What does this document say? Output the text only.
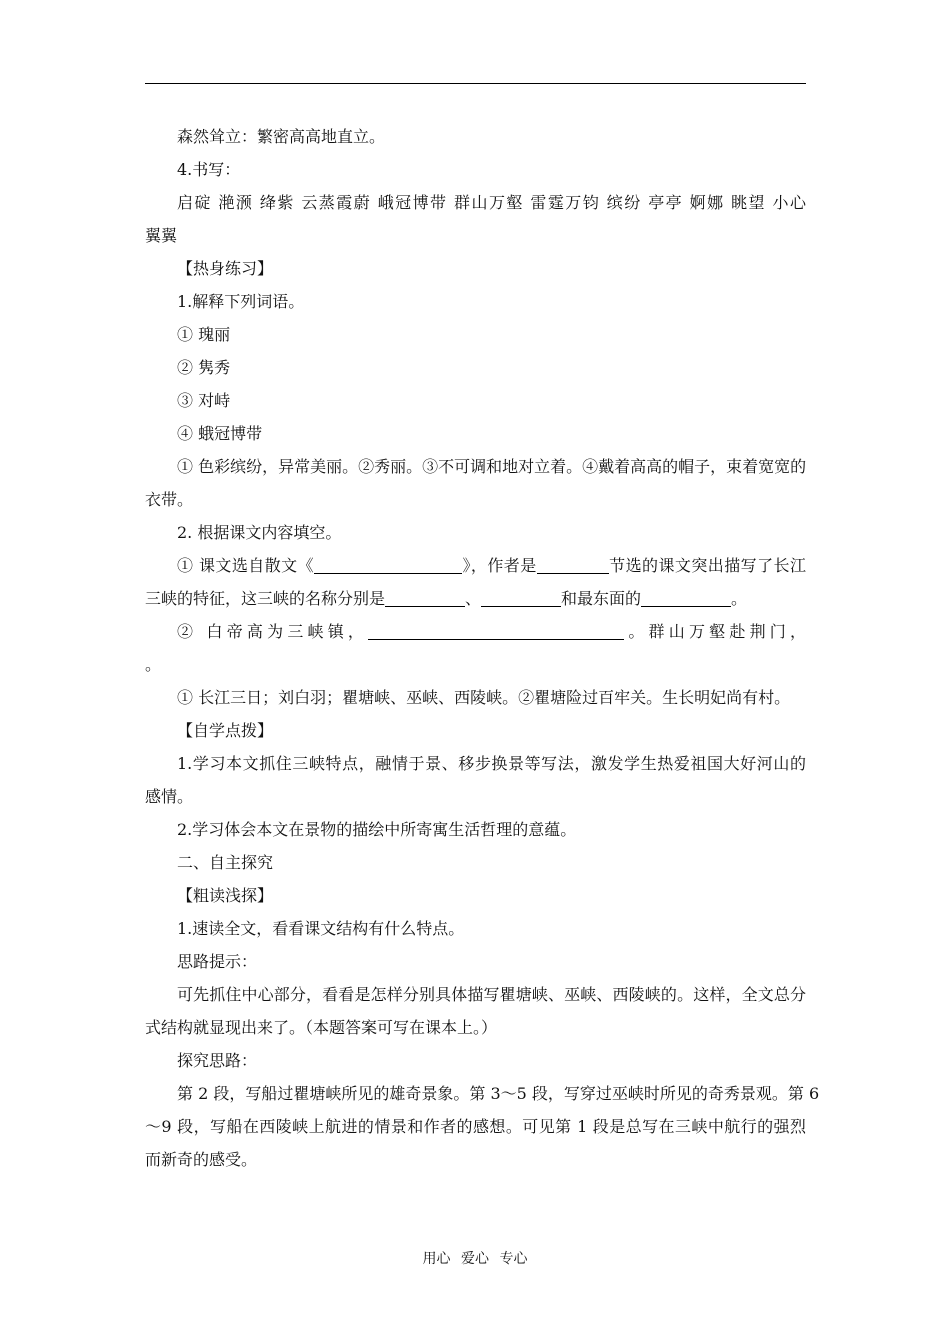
森然耸立：繁密高高地直立。
4.书写：
启碇 滟滪 绛紫 云蒸霞蔚 峨冠博带 群山万壑 雷霆万钧 缤纷 亭亭 婀娜 眺望 小心
翼翼
【热身练习】
1.解释下列词语。
① 瑰丽
② 隽秀
③ 对峙
④ 蛾冠博带
① 色彩缤纷，异常美丽。②秀丽。③不可调和地对立着。④戴着高高的帽子，束着宽宽的
衣带。
2. 根据课文内容填空。
① 课文选自散文《	》，作者是	节选的课文突出描写了长江
三峡的特征，这三峡的名称分别是	、	和最东面的	。
② 白帝高为三峡镇，	。群山万壑赴荆门，
。
① 长江三日；刘白羽；瞿塘峡、巫峡、西陵峡。②瞿塘险过百牢关。生长明妃尚有村。
【自学点拨】
1.学习本文抓住三峡特点，融情于景、移步换景等写法，激发学生热爱祖国大好河山的
感情。
2.学习体会本文在景物的描绘中所寄寓生活哲理的意蕴。
二、自主探究
【粗读浅探】
1.速读全文，看看课文结构有什么特点。
思路提示：
可先抓住中心部分，看看是怎样分别具体描写瞿塘峡、巫峡、西陵峡的。这样，全文总分
式结构就显现出来了。（本题答案可写在课本上。）
探究思路：
第 2 段，写船过瞿塘峡所见的雄奇景象。第 3～5 段，写穿过巫峡时所见的奇秀景观。第 6
～9 段，写船在西陵峡上航进的情景和作者的感想。可见第 1 段是总写在三峡中航行的强烈
而新奇的感受。
用心 爱心 专心
